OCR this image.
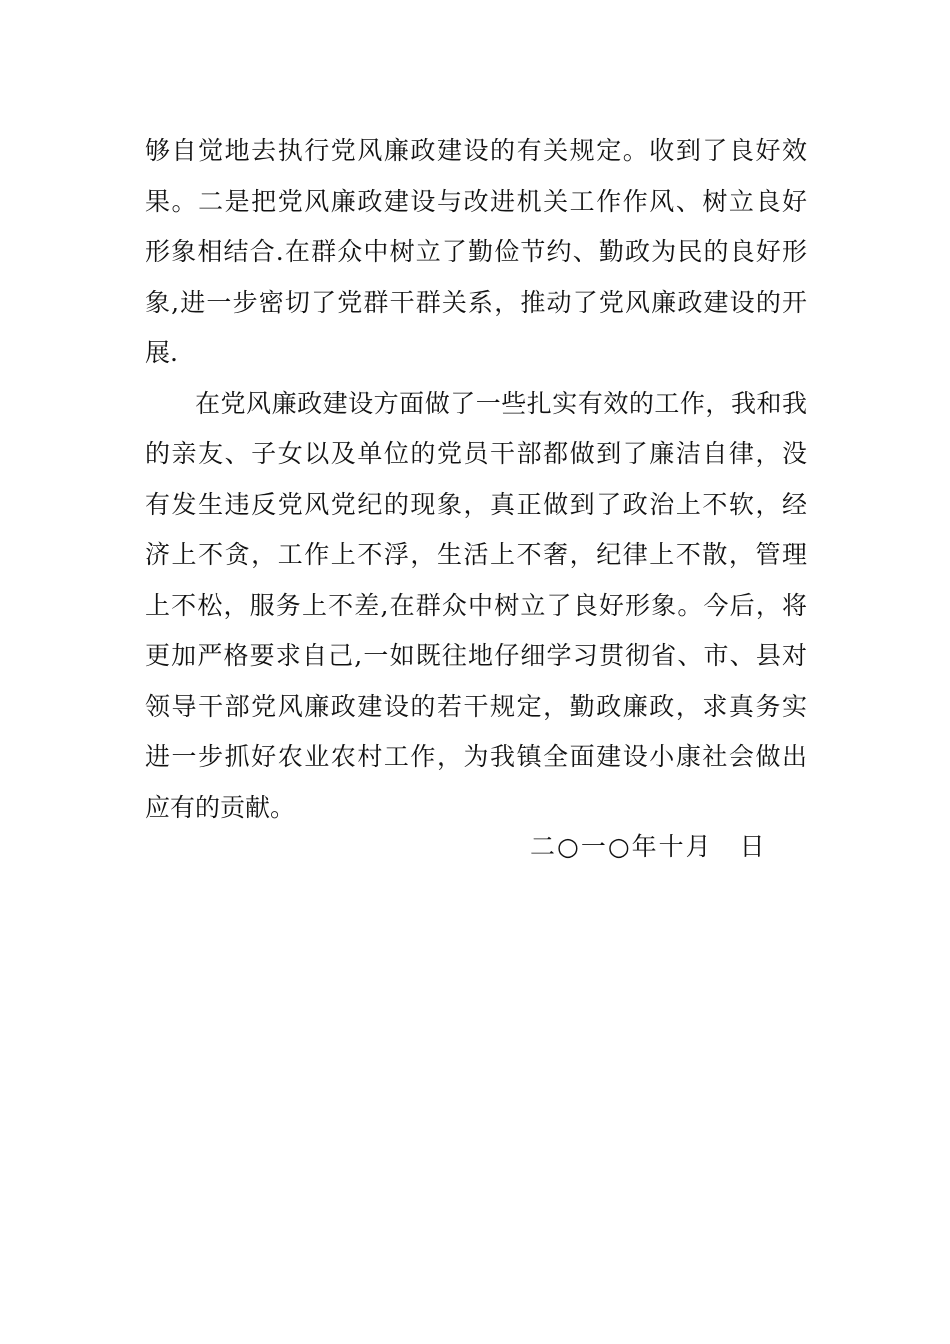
够自觉地去执行党风廉政建设的有关规定。收到了良好效
果。二是把党风廉政建设与改进机关工作作风、树立良好
形象相结合.在群众中树立了勤俭节约、勤政为民的良好形
象,进一步密切了党群干群关系，推动了党风廉政建设的开
展.
在党风廉政建设方面做了一些扎实有效的工作，我和我
的亲友、子女以及单位的党员干部都做到了廉洁自律，没
有发生违反党风党纪的现象，真正做到了政治上不软，经
济上不贪，工作上不浮，生活上不奢，纪律上不散，管理
上不松，服务上不差,在群众中树立了良好形象。今后，将
更加严格要求自己,一如既往地仔细学习贯彻省、市、县对
领导干部党风廉政建设的若干规定，勤政廉政，求真务实
进一步抓好农业农村工作，为我镇全面建设小康社会做出
应有的贡献。
二○一○年十月　日
